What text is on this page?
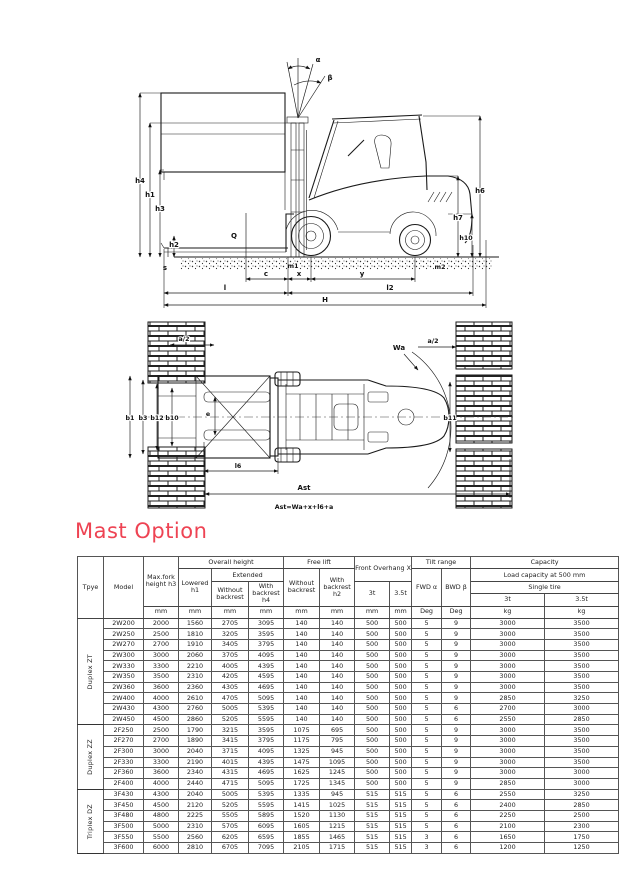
Q
α
β
h4
h1
h3
h2
s
h6
h7
h10
m1	m2
c	x	y
l	l2
H
e
Wa
a/2	a/2
b1 b3 b12 b10	b11
l6
Ast
Ast=Wa+x+l6+a
Mast Option
Tpye	Model	Max.fork height h3	Overall height			Free lift		Front Overhang X		Tilt range		Capacity	
			Lowered h1	Extended		Without backrest	With backrest h2			FWD α	BWD β	Load capacity at 500 mm	
				Without backrest	With backrest h4			3t	3.5t			Single tire	
												3t	3.5t
		mm	mm	mm	mm	mm	mm	mm	mm	Deg	Deg	kg	kg

Duplex ZT	2W200	2000	1560	2705	3095	140	140	500	500	5	9	3000	3500
	2W250	2500	1810	3205	3595	140	140	500	500	5	9	3000	3500
	2W270	2700	1910	3405	3795	140	140	500	500	5	9	3000	3500
	2W300	3000	2060	3705	4095	140	140	500	500	5	9	3000	3500
	2W330	3300	2210	4005	4395	140	140	500	500	5	9	3000	3500
	2W350	3500	2310	4205	4595	140	140	500	500	5	9	3000	3500
	2W360	3600	2360	4305	4695	140	140	500	500	5	9	3000	3500
	2W400	4000	2610	4705	5095	140	140	500	500	5	9	2850	3250
	2W430	4300	2760	5005	5395	140	140	500	500	5	6	2700	3000
	2W450	4500	2860	5205	5595	140	140	500	500	5	6	2550	2850

Duplex ZZ	2F250	2500	1790	3215	3595	1075	695	500	500	5	9	3000	3500
	2F270	2700	1890	3415	3795	1175	795	500	500	5	9	3000	3500
	2F300	3000	2040	3715	4095	1325	945	500	500	5	9	3000	3500
	2F330	3300	2190	4015	4395	1475	1095	500	500	5	9	3000	3500
	2F360	3600	2340	4315	4695	1625	1245	500	500	5	9	3000	3000
	2F400	4000	2440	4715	5095	1725	1345	500	500	5	9	2850	3000

Triplex DZ	3F430	4300	2040	5005	5395	1335	945	515	515	5	6	2550	3250
	3F450	4500	2120	5205	5595	1415	1025	515	515	5	6	2400	2850
	3F480	4800	2225	5505	5895	1520	1130	515	515	5	6	2250	2500
	3F500	5000	2310	5705	6095	1605	1215	515	515	5	6	2100	2300
	3F550	5500	2560	6205	6595	1855	1465	515	515	3	6	1650	1750
	3F600	6000	2810	6705	7095	2105	1715	515	515	3	6	1200	1250
